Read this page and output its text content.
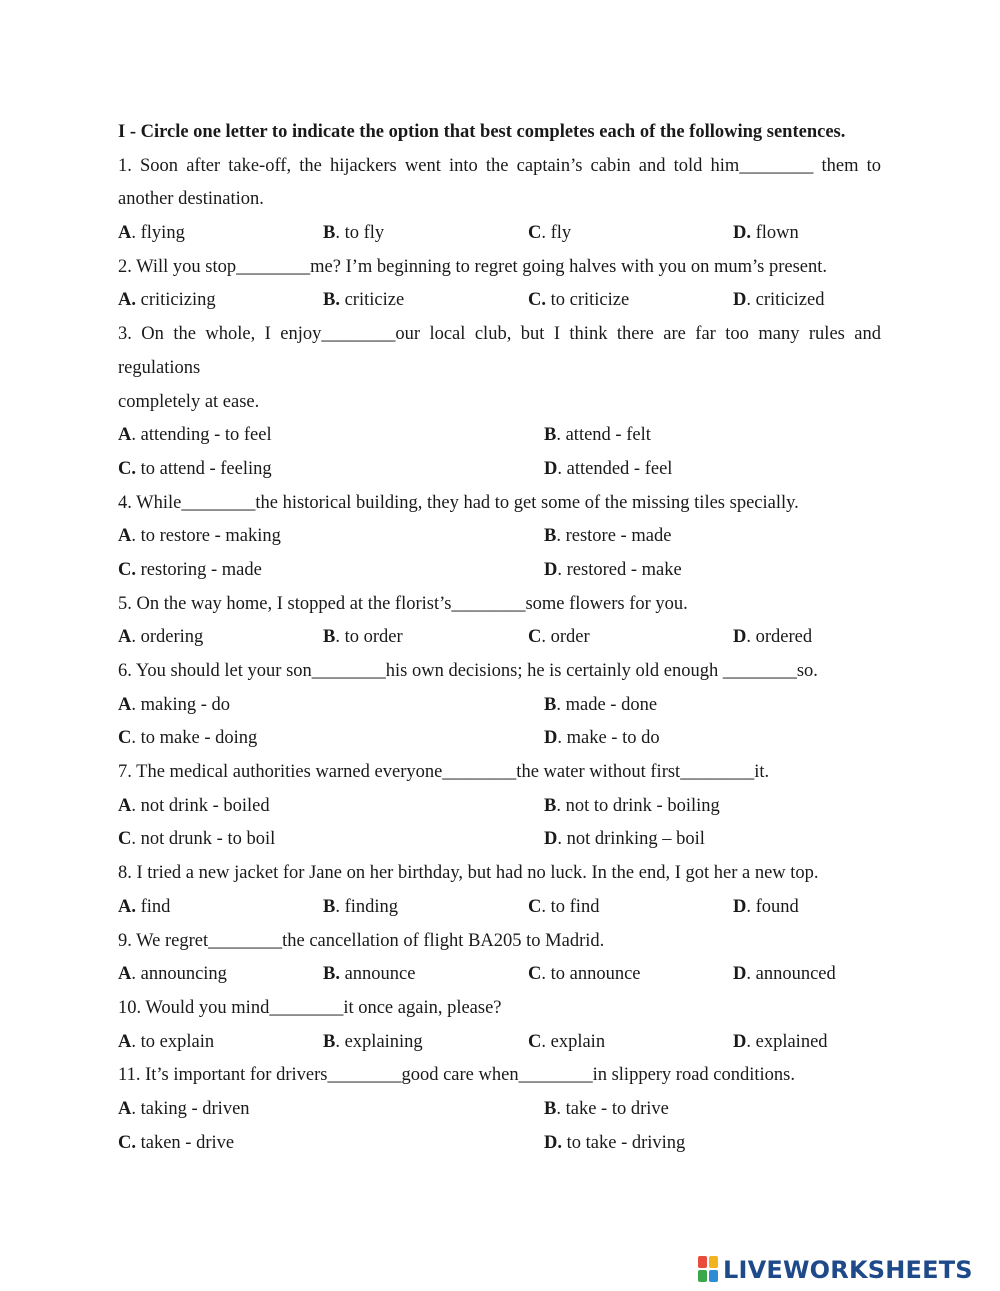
I - Circle one letter to indicate the option that best completes each of the following sentences.
1. Soon after take-off, the hijackers went into the captain’s cabin and told him________ them to
another destination.
A. flying	B. to fly	C. fly	D. flown
2. Will you stop________me? I’m beginning to regret going halves with you on mum’s present.
A. criticizing	B. criticize	C. to criticize	D. criticized
3. On the whole, I enjoy________our local club, but I think there are far too many rules and
regulations
completely at ease.
A. attending - to feel	B. attend - felt
C. to attend - feeling	D. attended - feel
4. While________the historical building, they had to get some of the missing tiles specially.
A. to restore - making	B. restore - made
C. restoring - made	D. restored - make
5. On the way home, I stopped at the florist’s________some flowers for you.
A. ordering	B. to order	C. order	D. ordered
6. You should let your son________his own decisions; he is certainly old enough ________so.
A. making - do	B. made - done
C. to make - doing	D. make - to do
7. The medical authorities warned everyone________the water without first________it.
A. not drink - boiled	B. not to drink - boiling
C. not drunk - to boil	D. not drinking – boil
8. I tried a new jacket for Jane on her birthday, but had no luck. In the end, I got her a new top.
A. find	B. finding	C. to find	D. found
9. We regret________the cancellation of flight BA205 to Madrid.
A. announcing	B. announce	C. to announce	D. announced
10. Would you mind________it once again, please?
A. to explain	B. explaining	C. explain	D. explained
11. It’s important for drivers________good care when________in slippery road conditions.
A. taking - driven	B. take - to drive
C. taken - drive	D. to take - driving
LIVEWORKSHEETS
